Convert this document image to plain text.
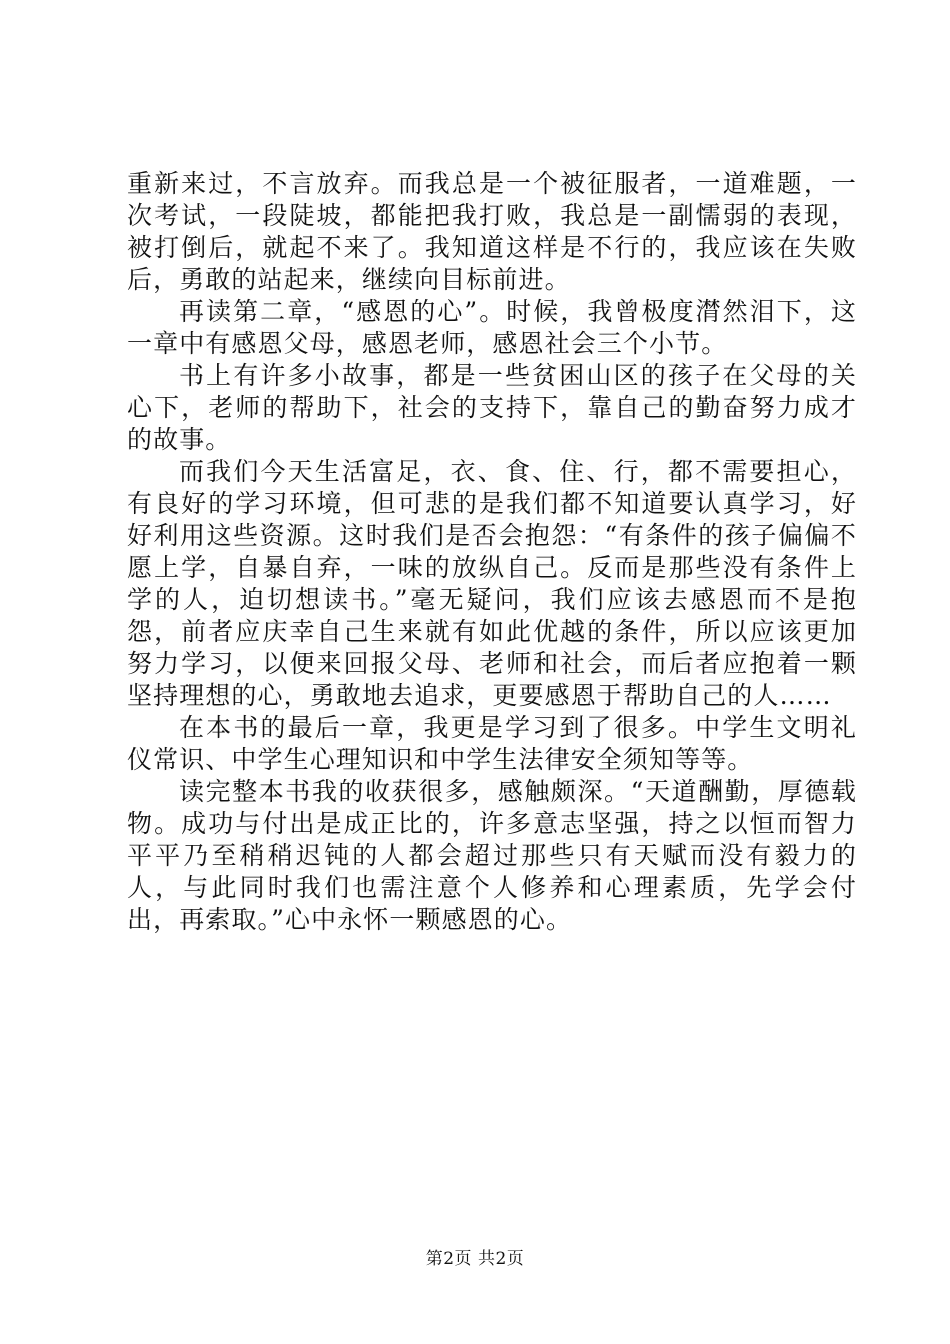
重新来过，不言放弃。而我总是一个被征服者，一道难题，一次考试，一段陡坡，都能把我打败，我总是一副懦弱的表现，被打倒后，就起不来了。我知道这样是不行的，我应该在失败后，勇敢的站起来，继续向目标前进。

再读第二章，“感恩的心”。时候，我曾极度潸然泪下，这一章中有感恩父母，感恩老师，感恩社会三个小节。

书上有许多小故事，都是一些贫困山区的孩子在父母的关心下，老师的帮助下，社会的支持下，靠自己的勤奋努力成才的故事。

而我们今天生活富足，衣、食、住、行，都不需要担心，有良好的学习环境，但可悲的是我们都不知道要认真学习，好好利用这些资源。这时我们是否会抱怨：“有条件的孩子偏偏不愿上学，自暴自弃，一味的放纵自己。反而是那些没有条件上学的人，迫切想读书。”毫无疑问，我们应该去感恩而不是抱怨，前者应庆幸自己生来就有如此优越的条件，所以应该更加努力学习，以便来回报父母、老师和社会，而后者应抱着一颗坚持理想的心，勇敢地去追求，更要感恩于帮助自己的人……

在本书的最后一章，我更是学习到了很多。中学生文明礼仪常识、中学生心理知识和中学生法律安全须知等等。

读完整本书我的收获很多，感触颇深。“天道酬勤，厚德载物。成功与付出是成正比的，许多意志坚强，持之以恒而智力平平乃至稍稍迟钝的人都会超过那些只有天赋而没有毅力的人，与此同时我们也需注意个人修养和心理素质，先学会付出，再索取。”心中永怀一颗感恩的心。

第2页 共2页
